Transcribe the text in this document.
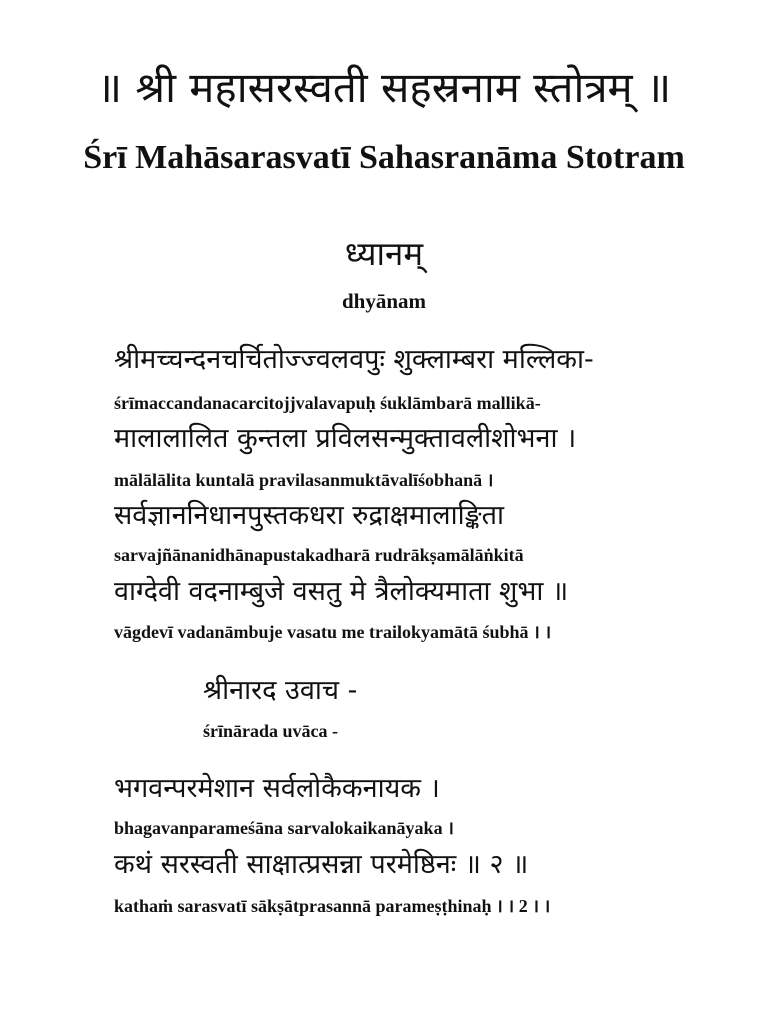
॥ श्री महासरस्वती सहस्रनाम स्तोत्रम् ॥
Śrī Mahāsarasvatī Sahasranāma Stotram
ध्यानम्
dhyānam
श्रीमच्चन्दनचर्चितोज्ज्वलवपुः शुक्लाम्बरा मल्लिका-
śrīmaccandanacarcitojjvalavapuḥ śuklāmbarā mallikā-
मालालालित कुन्तला प्रविलसन्मुक्तावलीशोभना ।
mālālālita kuntalā pravilasanmuktāvalīśobhanā ।
सर्वज्ञाननिधानपुस्तकधरा रुद्राक्षमालाङ्किता
sarvajñānanidhānapustakadharā rudrākṣamālāṅkitā
वाग्देवी वदनाम्बुजे वसतु मे त्रैलोक्यमाता शुभा ॥
vāgdevī vadanāmbuje vasatu me trailokyamātā śubhā । ।
श्रीनारद उवाच -
śrīnārada uvāca -
भगवन्परमेशान सर्वलोकैकनायक ।
bhagavanparameśāna sarvalokaikanāyaka ।
कथं सरस्वती साक्षात्प्रसन्ना परमेष्ठिनः ॥ २ ॥
kathaṁ sarasvatī sākṣātprasannā parameṣṭhinaḥ । । 2 । ।
